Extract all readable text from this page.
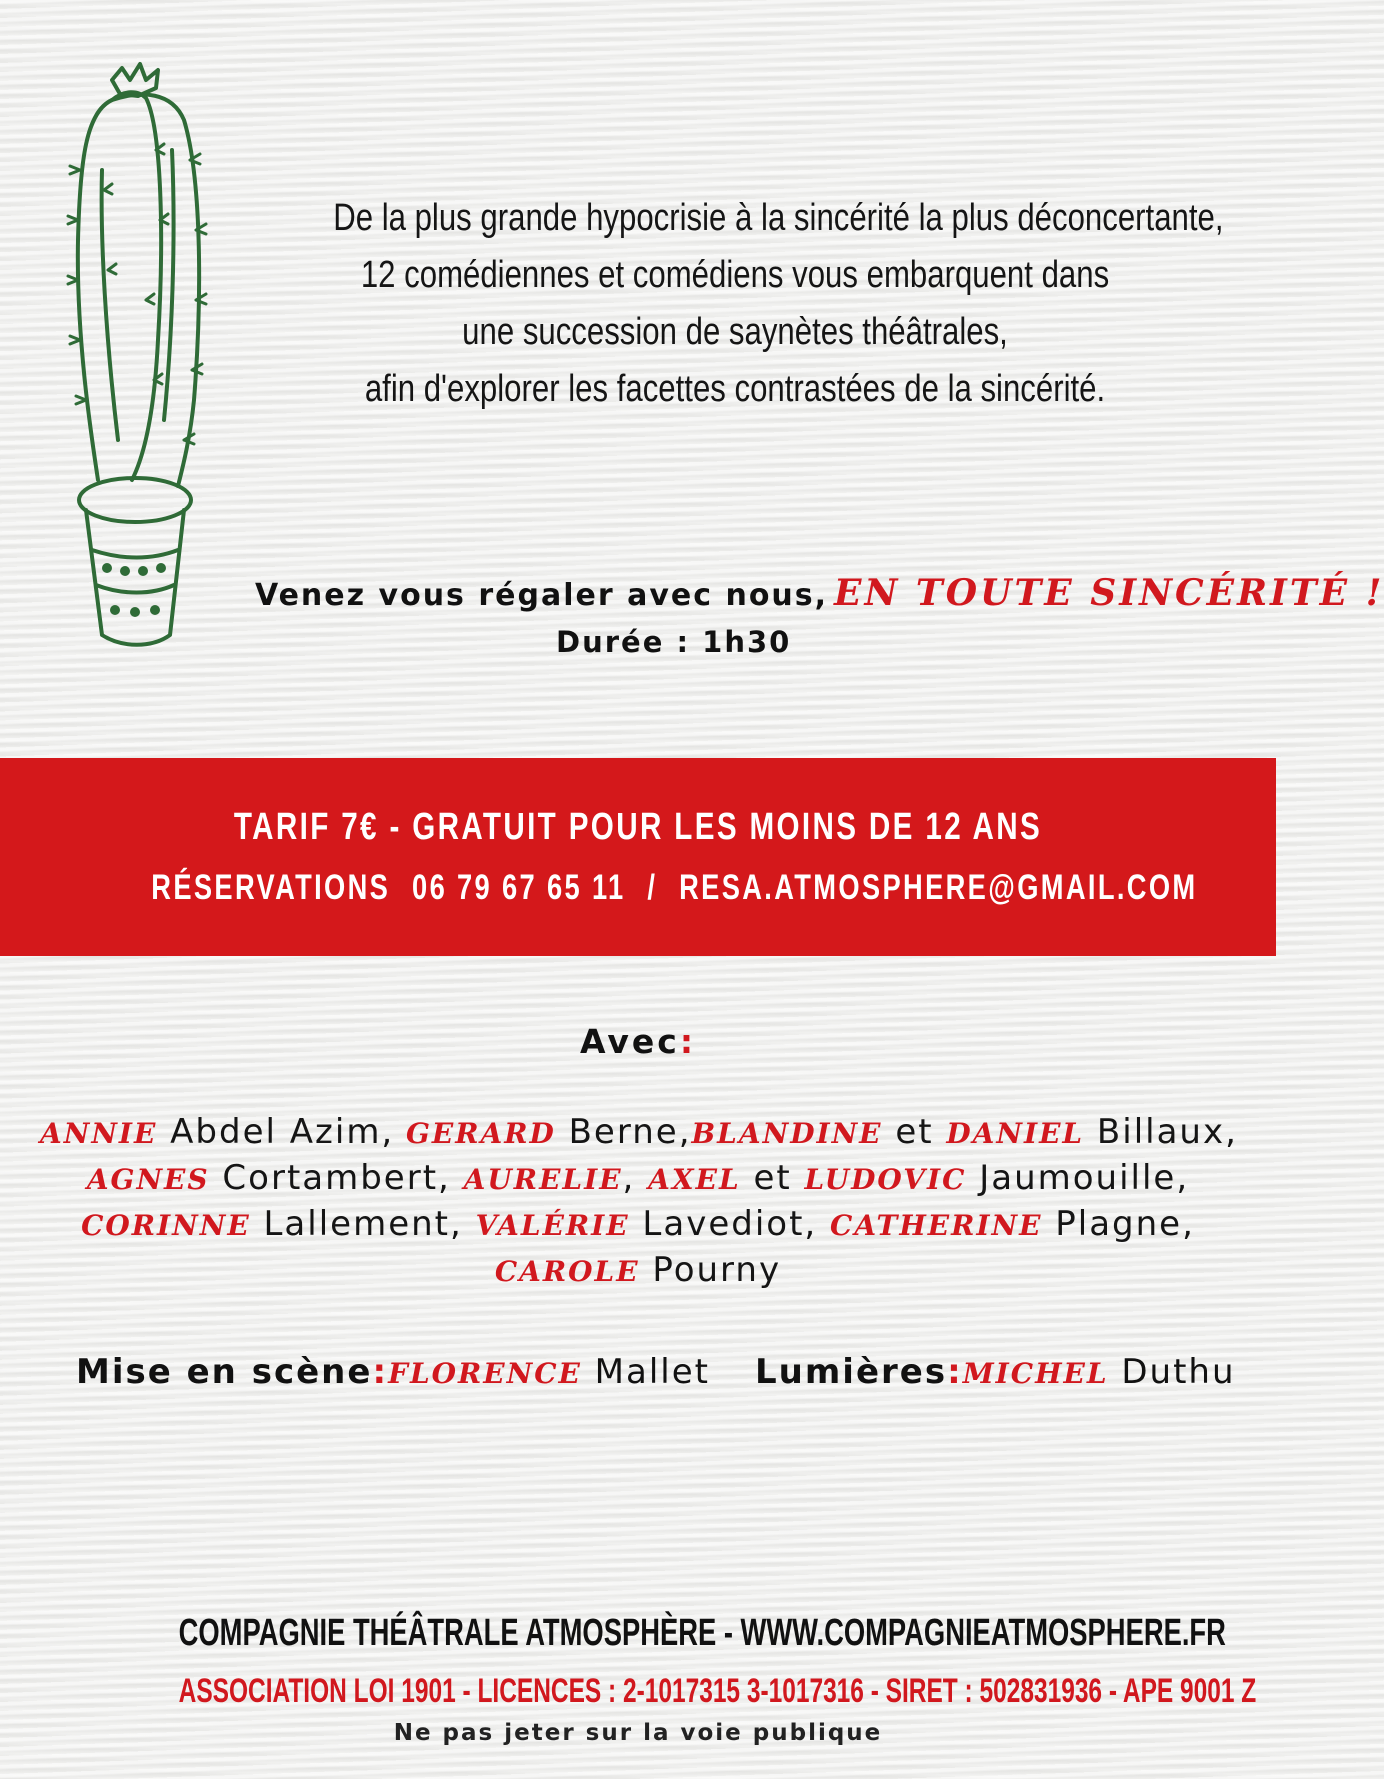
De la plus grande hypocrisie à la sincérité la plus déconcertante,
12 comédiennes et comédiens vous embarquent dans
une succession de saynètes théâtrales,
afin d'explorer les facettes contrastées de la sincérité.
Venez vous régaler avec nous, EN TOUTE SINCÉRITÉ !
Durée : 1h30
TARIF 7€ - GRATUIT POUR LES MOINS DE 12 ANS
RÉSERVATIONS 06 79 67 65 11 / RESA.ATMOSPHERE@GMAIL.COM
Avec:
ANNIE Abdel Azim, GERARD Berne,BLANDINE et DANIEL Billaux,
AGNES Cortambert, AURELIE, AXEL et LUDOVIC Jaumouille,
CORINNE Lallement, VALÉRIE Lavediot, CATHERINE Plagne,
CAROLE Pourny
Mise en scène:FLORENCE Mallet Lumières:MICHEL Duthu
COMPAGNIE THÉÂTRALE ATMOSPHÈRE - WWW.COMPAGNIEATMOSPHERE.FR
ASSOCIATION LOI 1901 - LICENCES : 2-1017315 3-1017316 - SIRET : 502831936 - APE 9001 Z
Ne pas jeter sur la voie publique
